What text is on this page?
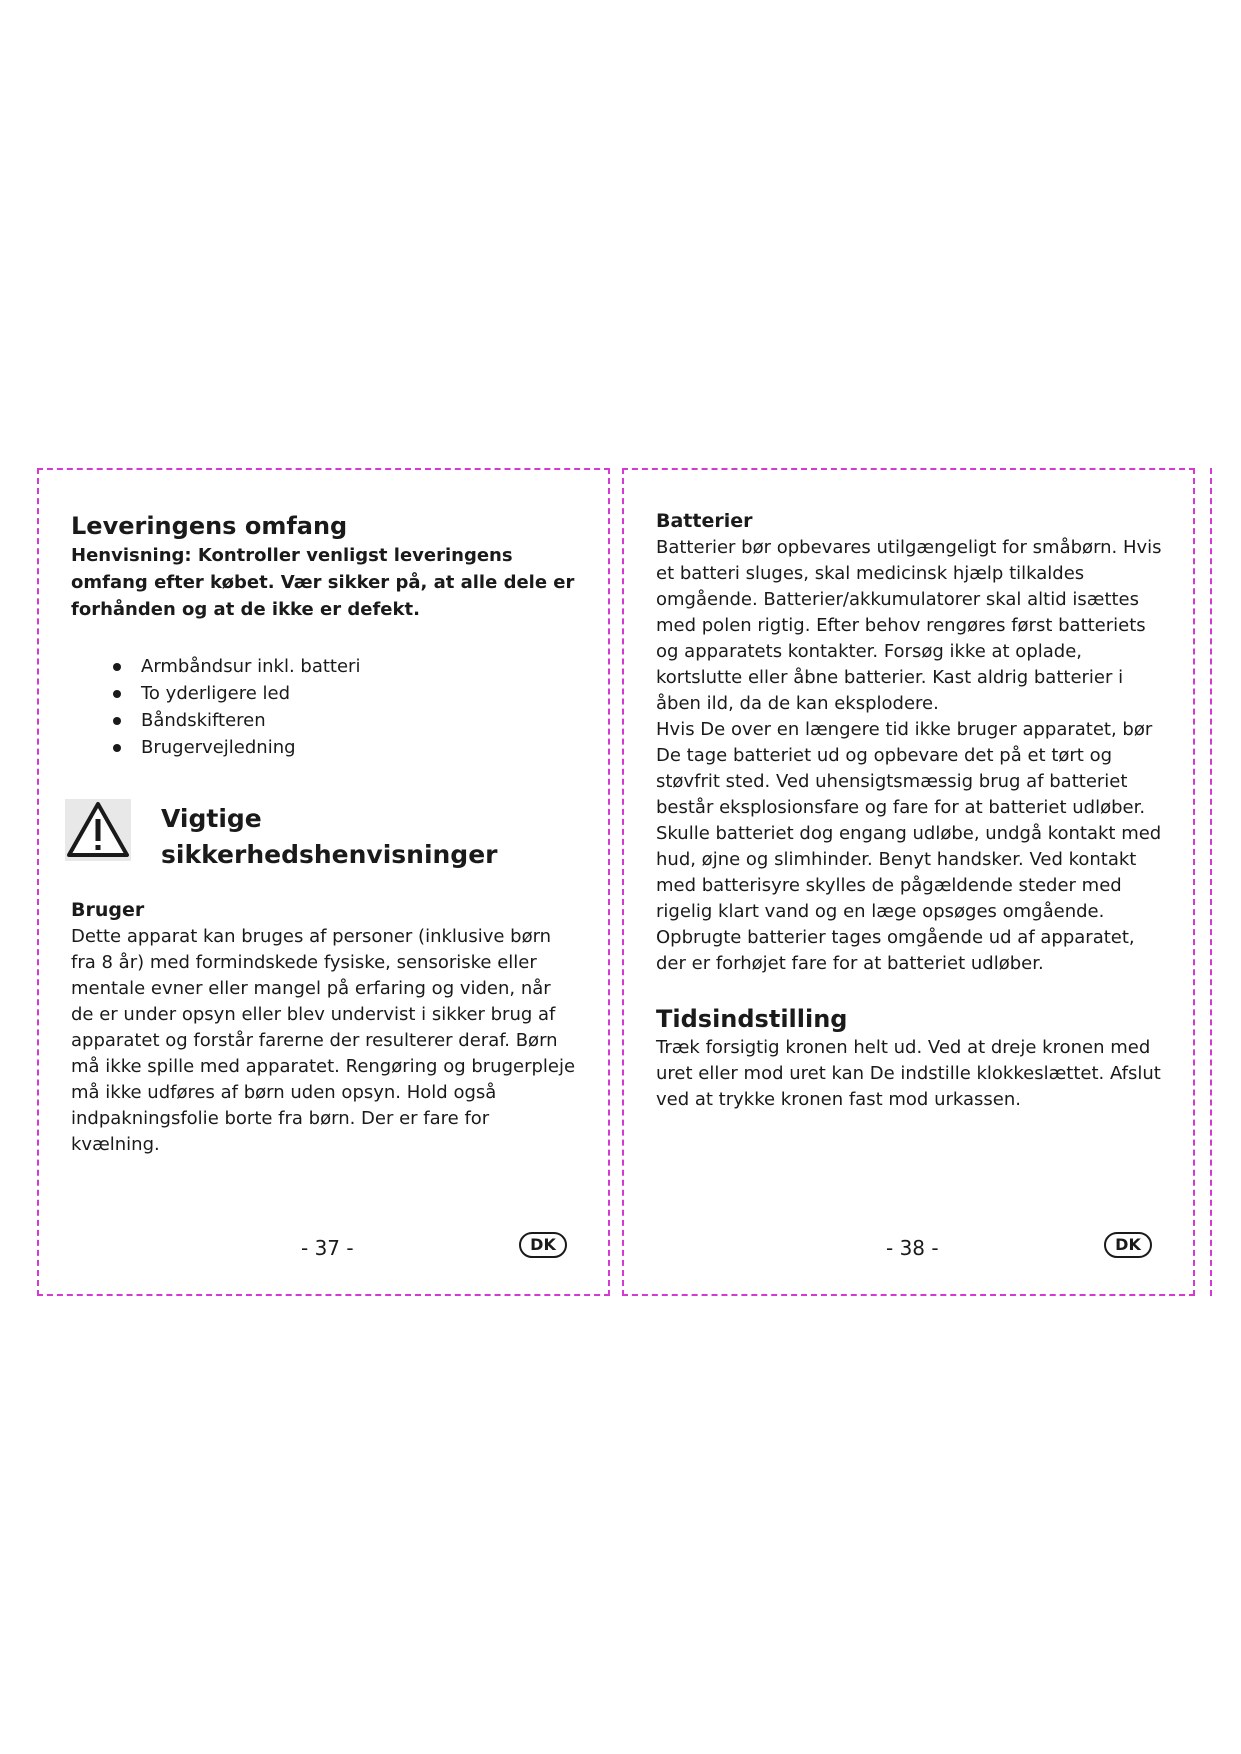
Leveringens omfang

Henvisning: Kontroller venligst leveringens omfang efter købet. Vær sikker på, at alle dele er forhånden og at de ikke er defekt.

Armbåndsur inkl. batteri
To yderligere led
Båndskifteren
Brugervejledning
Vigtige
sikkerhedshenvisninger

Bruger

Dette apparat kan bruges af personer (inklusive børn fra 8 år) med formindskede fysiske, sensoriske eller mentale evner eller mangel på erfaring og viden, når de er under opsyn eller blev undervist i sikker brug af apparatet og forstår farerne der resulterer deraf. Børn må ikke spille med apparatet. Rengøring og brugerpleje må ikke udføres af børn uden opsyn. Hold også indpakningsfolie borte fra børn. Der er fare for kvælning.

- 37 -	DK

Batterier

Batterier bør opbevares utilgængeligt for småbørn. Hvis et batteri sluges, skal medicinsk hjælp tilkaldes omgående. Batterier/akkumulatorer skal altid isættes med polen rigtig. Efter behov rengøres først batteriets og apparatets kontakter. Forsøg ikke at oplade, kortslutte eller åbne batterier. Kast aldrig batterier i åben ild, da de kan eksplodere.

Hvis De over en længere tid ikke bruger apparatet, bør De tage batteriet ud og opbevare det på et tørt og støvfrit sted. Ved uhensigtsmæssig brug af batteriet består eksplosionsfare og fare for at batteriet udløber.

Skulle batteriet dog engang udløbe, undgå kontakt med hud, øjne og slimhinder. Benyt handsker. Ved kontakt med batterisyre skylles de pågældende steder med rigelig klart vand og en læge opsøges omgående. Opbrugte batterier tages omgående ud af apparatet, der er forhøjet fare for at batteriet udløber.

Tidsindstilling

Træk forsigtig kronen helt ud. Ved at dreje kronen med uret eller mod uret kan De indstille klokkeslættet. Afslut ved at trykke kronen fast mod urkassen.

- 38 -	DK
